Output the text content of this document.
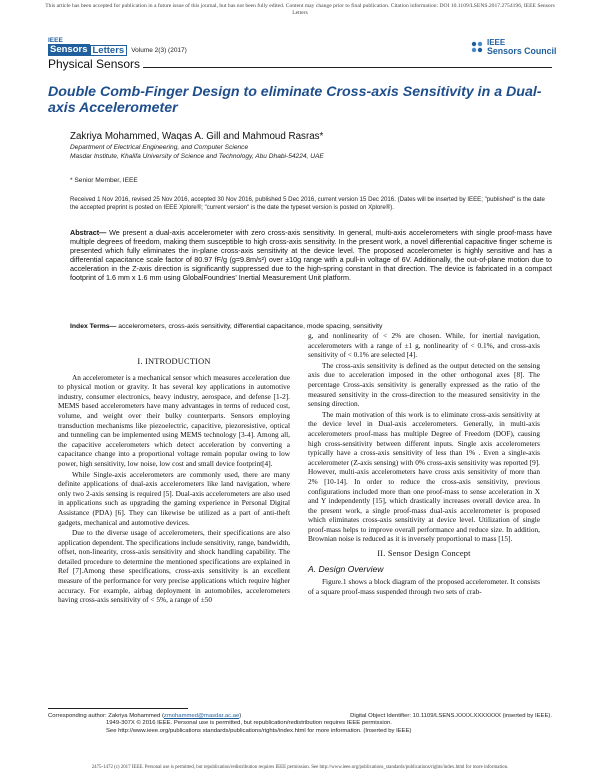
This article has been accepted for publication in a future issue of this journal, but has not been fully edited. Content may change prior to final publication. Citation information: DOI 10.1109/LSENS.2017.2754196, IEEE Sensors Letters
IEEE
Sensors Letters	Volume 2(3) (2017)
IEEE
Sensors Council
Physical Sensors
Double Comb-Finger Design to eliminate Cross-axis Sensitivity in a Dual-axis Accelerometer
Zakriya Mohammed, Waqas A. Gill and Mahmoud Rasras*
Department of Electrical Engineering, and Computer Science
Masdar Institute, Khalifa University of Science and Technology, Abu Dhabi-54224, UAE
* Senior Member, IEEE
Received 1 Nov 2016, revised 25 Nov 2016, accepted 30 Nov 2016, published 5 Dec 2016, current version 15 Dec 2016. (Dates will be inserted by IEEE; "published" is the date the accepted preprint is posted on IEEE Xplore®; "current version" is the date the typeset version is posted on Xplore®).
Abstract— We present a dual-axis accelerometer with zero cross-axis sensitivity. In general, multi-axis accelerometers with single proof-mass have multiple degrees of freedom, making them susceptible to high cross-axis sensitivity. In the present work, a novel differential capacitive finger scheme is presented which fully eliminates the in-plane cross-axis sensitivity at the device level. The proposed accelerometer is highly sensitive and has a differential capacitance scale factor of 80.97 fF/g (g=9.8m/s²) over ±10g range with a pull-in voltage of 6V. Additionally, the out-of-plane motion due to acceleration in the Z-axis direction is significantly suppressed due to the high-spring constant in that direction. The device is fabricated in a compact footprint of 1.6 mm x 1.6 mm using GlobalFoundries' Inertial Measurement Unit platform.
Index Terms— accelerometers, cross-axis sensitivity, differential capacitance, mode spacing, sensitivity
I. INTRODUCTION

An accelerometer is a mechanical sensor which measures acceleration due to physical motion or gravity. It has several key applications in automotive industry, consumer electronics, heavy industry, aerospace, and defense [1-2]. MEMS based accelerometers have many advantages in terms of reduced cost, volume, and weight over their bulky counterparts. Sensors employing transduction mechanisms like piezoelectric, capacitive, piezoresistive, optical and tunneling can be implemented using MEMS technology [3-4]. Among all, the capacitive accelerometers which detect acceleration by converting a capacitance change into a proportional voltage remain popular owing to low power, high sensitivity, low noise, low cost and small device footprint[4].

While Single-axis accelerometers are commonly used, there are many definite applications of dual-axis accelerometers like land navigation, where only two 2-axis sensing is required [5]. Dual-axis accelerometers are also used in applications such as upgrading the gaming experience in Personal Digital Assistance (PDA) [6]. They can likewise be utilized as a part of anti-theft gadgets, mechanical and automotive devices.

Due to the diverse usage of accelerometers, their specifications are also application dependent. The specifications include sensitivity, range, bandwidth, offset, non-linearity, cross-axis sensitivity and shock handling capability. The detailed procedure to determine the mentioned specifications are explained in Ref [7].Among these specifications, cross-axis sensitivity is an excellent measure of the performance for very precise applications which require higher accuracy. For example, airbag deployment in automobiles, accelerometers having cross-axis sensitivity of < 5%, a range of ±50

g, and nonlinearity of < 2% are chosen. While, for inertial navigation, accelerometers with a range of ±1 g, nonlinearity of < 0.1%, and cross-axis sensitivity of < 0.1% are selected [4].

The cross-axis sensitivity is defined as the output detected on the sensing axis due to acceleration imposed in the other orthogonal axes [8]. The percentage Cross-axis sensitivity is generally expressed as the ratio of the measured sensitivity in the cross-direction to the measured sensitivity in the sensing direction.

The main motivation of this work is to eliminate cross-axis sensitivity at the device level in Dual-axis accelerometers. Generally, in multi-axis accelerometers proof-mass has multiple Degree of Freedom (DOF), causing high cross-sensitivity between different inputs. Single axis accelerometers typically have a cross-axis sensitivity of less than 1% . Even a single-axis accelerometer (Z-axis sensing) with 0% cross-axis sensitivity was reported [9]. However, multi-axis accelerometers have cross axis sensitivity of more than 2% [10-14]. In order to reduce the cross-axis sensitivity, previous configurations included more than one proof-mass to sense acceleration in X and Y independently [15], which drastically increases overall device area. In the present work, a single proof-mass dual-axis accelerometer is proposed which eliminates cross-axis sensitivity at device level. Utilization of single proof-mass helps to improve overall performance and reduce size. In addition, Brownian noise is reduced as it is inversely proportional to mass [15].

II. Sensor Design Concept
A. Design Overview

Figure.1 shows a block diagram of the proposed accelerometer. It consists of a square proof-mass suspended through two sets of crab-

Corresponding author: Zakriya Mohammed (zmohammed@masdar.ac.ae)	Digital Object Identifier: 10.1109/LSENS.XXXX.XXXXXXX (inserted by IEEE).
1949-307X © 2016 IEEE. Personal use is permitted, but republication/redistribution requires IEEE permission.
See http://www.ieee.org/publications standards/publications/rights/index.html for more information. (Inserted by IEEE)
2475-1472 (c) 2017 IEEE. Personal use is permitted, but republication/redistribution requires IEEE permission. See http://www.ieee.org/publications_standards/publications/rights/index.html for more information.
